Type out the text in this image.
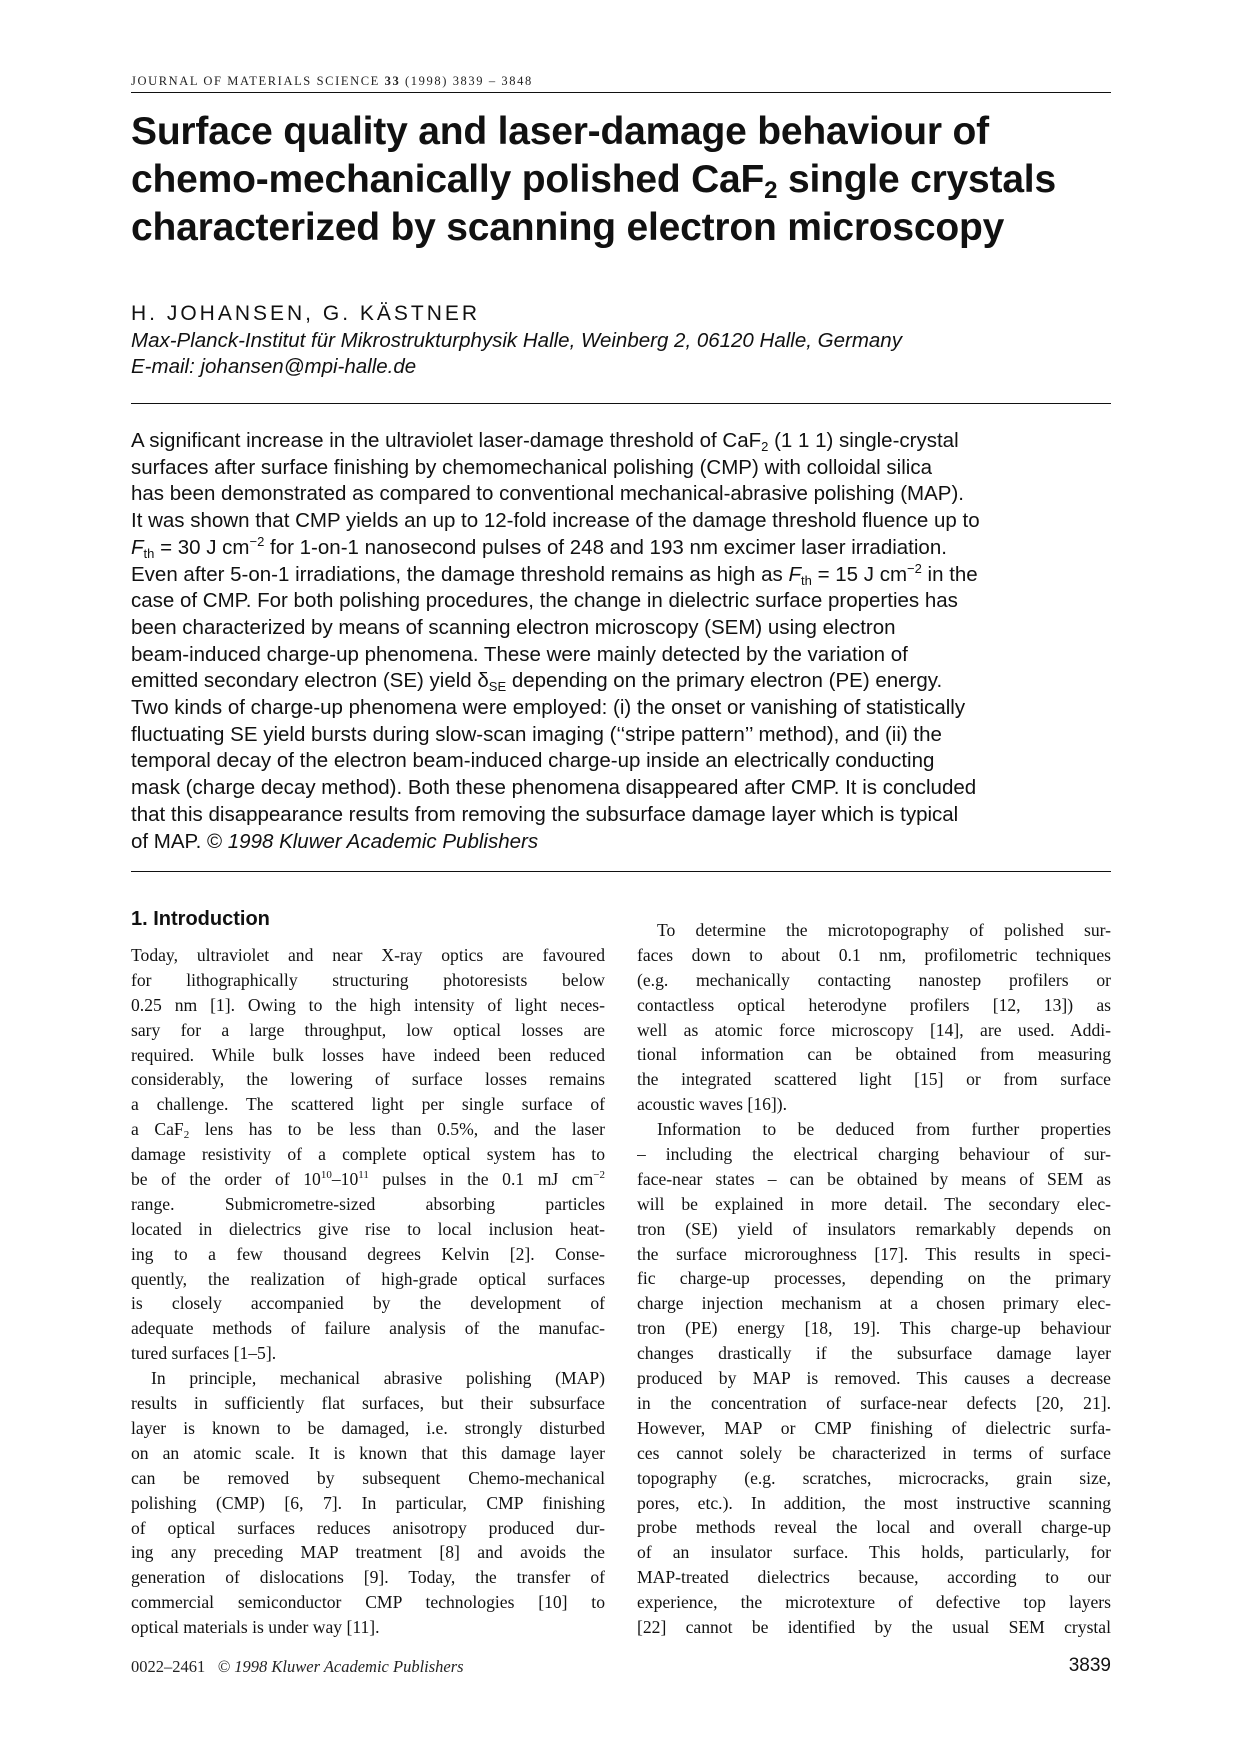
JOURNAL OF MATERIALS SCIENCE 33 (1998) 3839 – 3848
Surface quality and laser-damage behaviour of
chemo-mechanically polished CaF$_2$ single crystals
characterized by scanning electron microscopy
H. JOHANSEN, G. KÄSTNER
Max-Planck-Institut für Mikrostrukturphysik Halle, Weinberg 2, 06120 Halle, Germany
E-mail: johansen@mpi-halle.de
A significant increase in the ultraviolet laser-damage threshold of CaF$_2$ (1 1 1) single-crystal
surfaces after surface finishing by chemomechanical polishing (CMP) with colloidal silica
has been demonstrated as compared to conventional mechanical-abrasive polishing (MAP).
It was shown that CMP yields an up to 12-fold increase of the damage threshold fluence up to
$F_{th} = 30$ J $cm^{-2}$ for 1-on-1 nanosecond pulses of 248 and 193 nm excimer laser irradiation.
Even after 5-on-1 irradiations, the damage threshold remains as high as $F_{th} = 15$ J $cm^{-2}$ in the
case of CMP. For both polishing procedures, the change in dielectric surface properties has
been characterized by means of scanning electron microscopy (SEM) using electron
beam-induced charge-up phenomena. These were mainly detected by the variation of
emitted secondary electron (SE) yield $\delta_{SE}$ depending on the primary electron (PE) energy.
Two kinds of charge-up phenomena were employed: (i) the onset or vanishing of statistically
fluctuating SE yield bursts during slow-scan imaging (‘‘stripe pattern’’ method), and (ii) the
temporal decay of the electron beam-induced charge-up inside an electrically conducting
mask (charge decay method). Both these phenomena disappeared after CMP. It is concluded
that this disappearance results from removing the subsurface damage layer which is typical
of MAP. © 1998 Kluwer Academic Publishers
1. Introduction
Today, ultraviolet and near X-ray optics are favoured
for lithographically structuring photoresists below
0.25 nm [1]. Owing to the high intensity of light neces-
sary for a large throughput, low optical losses are
required. While bulk losses have indeed been reduced
considerably, the lowering of surface losses remains
a challenge. The scattered light per single surface of
a CaF$_2$ lens has to be less than 0.5%, and the laser
damage resistivity of a complete optical system has to
be of the order of $10^{10}-10^{11}$ pulses in the 0.1 mJ $cm^{-2}$
range. Submicrometre-sized absorbing particles
located in dielectrics give rise to local inclusion heat-
ing to a few thousand degrees Kelvin [2]. Conse-
quently, the realization of high-grade optical surfaces
is closely accompanied by the development of
adequate methods of failure analysis of the manufac-
tured surfaces [1–5].
In principle, mechanical abrasive polishing (MAP)
results in sufficiently flat surfaces, but their subsurface
layer is known to be damaged, i.e. strongly disturbed
on an atomic scale. It is known that this damage layer
can be removed by subsequent Chemo-mechanical
polishing (CMP) [6, 7]. In particular, CMP finishing
of optical surfaces reduces anisotropy produced dur-
ing any preceding MAP treatment [8] and avoids the
generation of dislocations [9]. Today, the transfer of
commercial semiconductor CMP technologies [10] to
optical materials is under way [11].
To determine the microtopography of polished sur-
faces down to about 0.1 nm, profilometric techniques
(e.g. mechanically contacting nanostep profilers or
contactless optical heterodyne profilers [12, 13]) as
well as atomic force microscopy [14], are used. Addi-
tional information can be obtained from measuring
the integrated scattered light [15] or from surface
acoustic waves [16]).
Information to be deduced from further properties
– including the electrical charging behaviour of sur-
face-near states – can be obtained by means of SEM as
will be explained in more detail. The secondary elec-
tron (SE) yield of insulators remarkably depends on
the surface microroughness [17]. This results in speci-
fic charge-up processes, depending on the primary
charge injection mechanism at a chosen primary elec-
tron (PE) energy [18, 19]. This charge-up behaviour
changes drastically if the subsurface damage layer
produced by MAP is removed. This causes a decrease
in the concentration of surface-near defects [20, 21].
However, MAP or CMP finishing of dielectric surfa-
ces cannot solely be characterized in terms of surface
topography (e.g. scratches, microcracks, grain size,
pores, etc.). In addition, the most instructive scanning
probe methods reveal the local and overall charge-up
of an insulator surface. This holds, particularly, for
MAP-treated dielectrics because, according to our
experience, the microtexture of defective top layers
[22] cannot be identified by the usual SEM crystal
0022–2461 © 1998 Kluwer Academic Publishers	3839
